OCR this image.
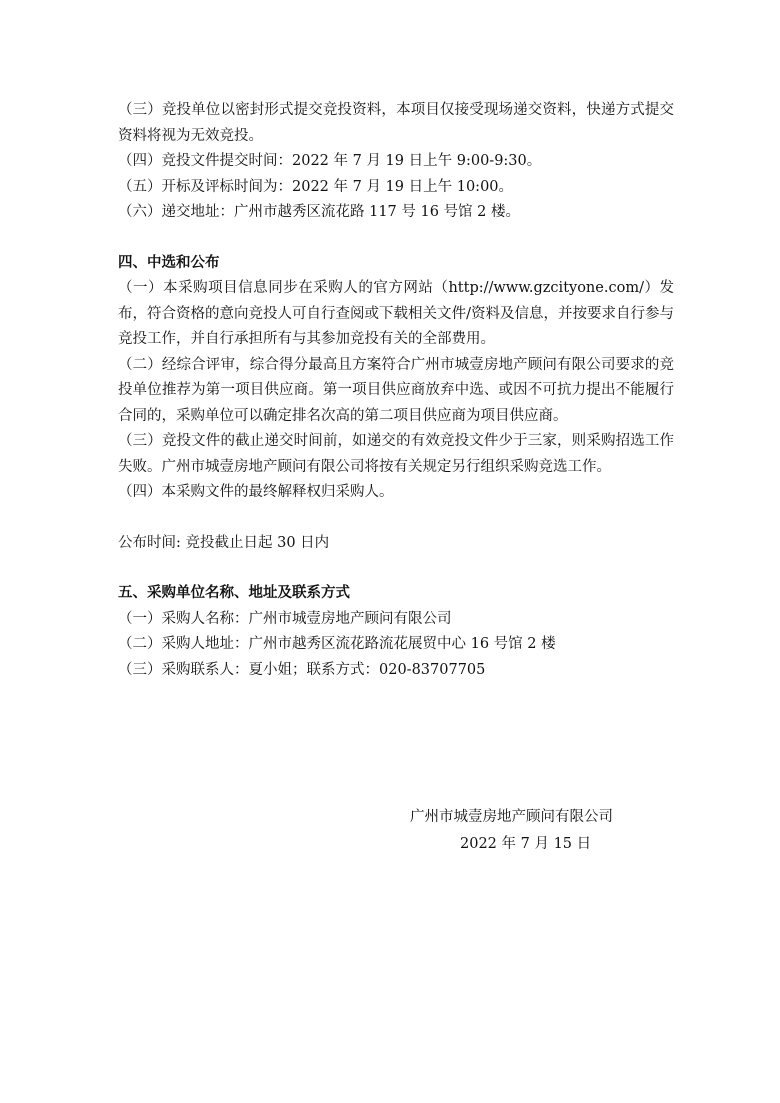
（三）竞投单位以密封形式提交竞投资料，本项目仅接受现场递交资料，快递方式提交资料将视为无效竞投。

（四）竞投文件提交时间：2022 年 7 月 19 日上午 9:00-9:30。

（五）开标及评标时间为：2022 年 7 月 19 日上午 10:00。

（六）递交地址：广州市越秀区流花路 117 号 16 号馆 2 楼。

四、中选和公布

（一）本采购项目信息同步在采购人的官方网站（http://www.gzcityone.com/）发布，符合资格的意向竞投人可自行查阅或下载相关文件/资料及信息，并按要求自行参与竞投工作，并自行承担所有与其参加竞投有关的全部费用。

（二）经综合评审，综合得分最高且方案符合广州市城壹房地产顾问有限公司要求的竞投单位推荐为第一项目供应商。第一项目供应商放弃中选、或因不可抗力提出不能履行合同的，采购单位可以确定排名次高的第二项目供应商为项目供应商。

（三）竞投文件的截止递交时间前，如递交的有效竞投文件少于三家，则采购招选工作失败。广州市城壹房地产顾问有限公司将按有关规定另行组织采购竞选工作。

（四）本采购文件的最终解释权归采购人。

公布时间: 竞投截止日起 30 日内

五、采购单位名称、地址及联系方式

（一）采购人名称：广州市城壹房地产顾问有限公司

（二）采购人地址：广州市越秀区流花路流花展贸中心 16 号馆 2 楼

（三）采购联系人：夏小姐；联系方式：020-83707705

广州市城壹房地产顾问有限公司

2022 年 7 月 15 日
